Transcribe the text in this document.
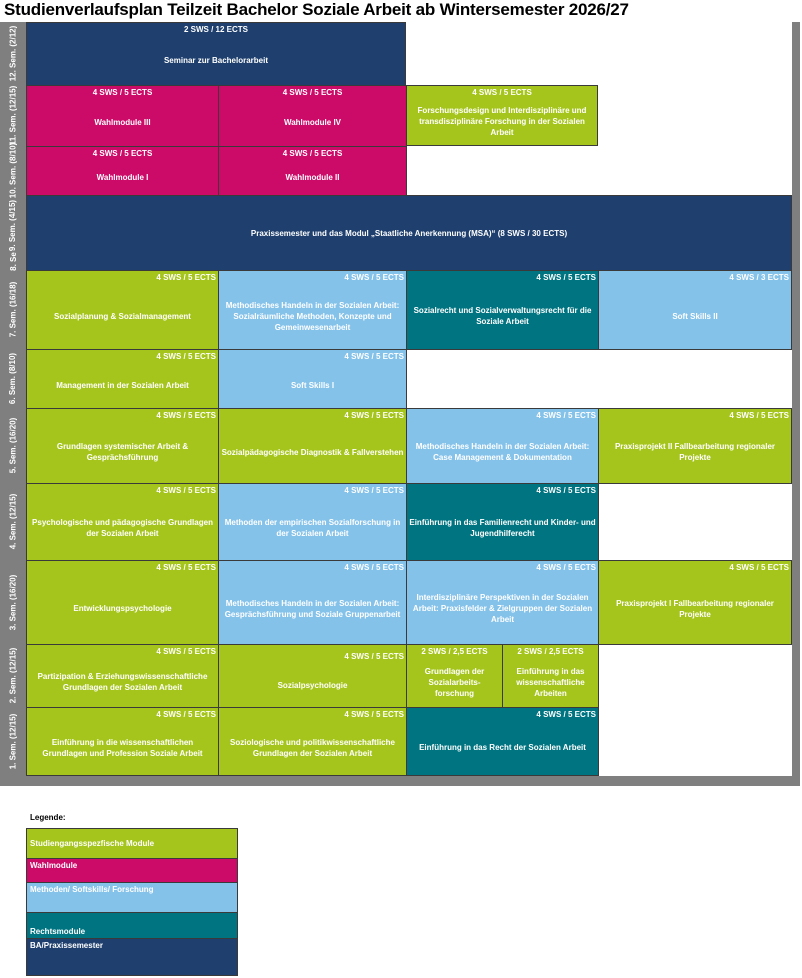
Studienverlaufsplan Teilzeit Bachelor Soziale Arbeit ab Wintersemester 2026/27
12. Sem. (2/12)
11. Sem. (12/15)
10. Sem. (8/10)
9. Sem. (4/15)
8. Se
7. Sem. (16/18)
6. Sem. (8/10)
5. Sem. (16/20)
4. Sem. (12/15)
3. Sem. (16/20)
2. Sem. (12/15)
1. Sem. (12/15)
2 SWS / 12 ECTS
Seminar zur Bachelorarbeit
4 SWS / 5 ECTS
Wahlmodule III
4 SWS / 5 ECTS
Wahlmodule IV
4 SWS / 5 ECTS
Forschungsdesign und Interdisziplinäre und transdisziplinäre Forschung in der Sozialen Arbeit
4 SWS / 5 ECTS
Wahlmodule I
4 SWS / 5 ECTS
Wahlmodule II
Praxissemester und das Modul „Staatliche Anerkennung (MSA)“ (8 SWS / 30 ECTS)
4 SWS / 5 ECTS
Sozialplanung & Sozialmanagement
4 SWS / 5 ECTS
Methodisches Handeln in der Sozialen Arbeit: Sozialräumliche Methoden, Konzepte und Gemeinwesenarbeit
4 SWS / 5 ECTS
Sozialrecht und Sozialverwaltungsrecht für die Soziale Arbeit
4 SWS / 3 ECTS
Soft Skills II
4 SWS / 5 ECTS
Management in der Sozialen Arbeit
4 SWS / 5 ECTS
Soft Skills I
4 SWS / 5 ECTS
Grundlagen systemischer Arbeit & Gesprächsführung
4 SWS / 5 ECTS
Sozialpädagogische Diagnostik & Fallverstehen
4 SWS / 5 ECTS
Methodisches Handeln in der Sozialen Arbeit: Case Management & Dokumentation
4 SWS / 5 ECTS
Praxisprojekt II Fallbearbeitung regionaler Projekte
4 SWS / 5 ECTS
Psychologische und pädagogische Grundlagen der Sozialen Arbeit
4 SWS / 5 ECTS
Methoden der empirischen Sozialforschung in der Sozialen Arbeit
4 SWS / 5 ECTS
Einführung in das Familienrecht und Kinder- und Jugendhilferecht
4 SWS / 5 ECTS
Entwicklungspsychologie
4 SWS / 5 ECTS
Methodisches Handeln in der Sozialen Arbeit: Gesprächsführung und Soziale Gruppenarbeit
4 SWS / 5 ECTS
Interdisziplinäre Perspektiven in der Sozialen Arbeit: Praxisfelder & Zielgruppen der Sozialen Arbeit
4 SWS / 5 ECTS
Praxisprojekt I Fallbearbeitung regionaler Projekte
4 SWS / 5 ECTS
Partizipation & Erziehungswissenschaftliche Grundlagen der Sozialen Arbeit
4 SWS / 5 ECTS
Sozialpsychologie
2 SWS / 2,5 ECTS
Grundlagen der Sozialarbeits-forschung
2 SWS / 2,5 ECTS
Einführung in das wissenschaftliche Arbeiten
4 SWS / 5 ECTS
Einführung in die wissenschaftlichen Grundlagen und Profession Soziale Arbeit
4 SWS / 5 ECTS
Soziologische und politikwissenschaftliche Grundlagen der Sozialen Arbeit
4 SWS / 5 ECTS
Einführung in das Recht der Sozialen Arbeit
Legende:
Studiengangsspezfische Module
Wahlmodule
Methoden/ Softskills/ Forschung
Rechtsmodule
BA/Praxissemester
